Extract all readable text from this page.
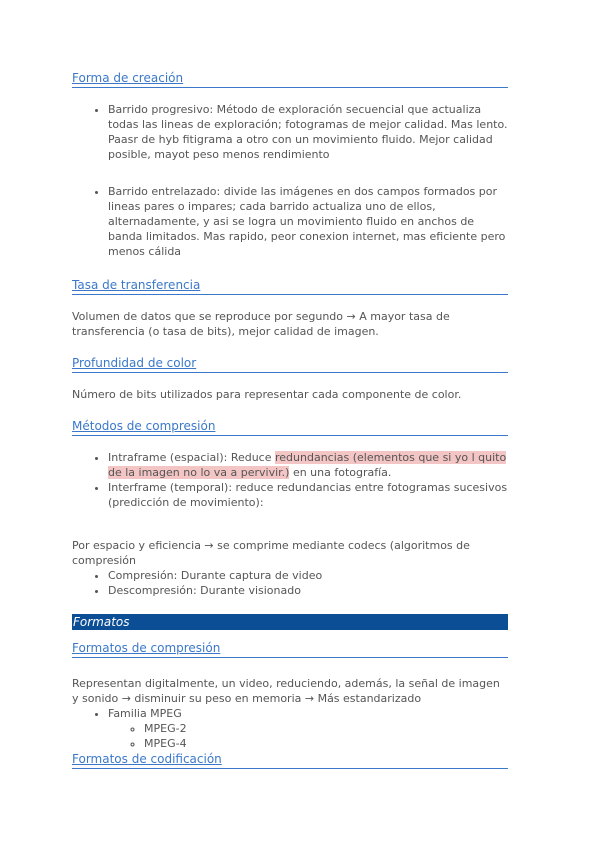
Forma de creación
• Barrido progresivo: Método de exploración secuencial que actualiza todas las lineas de exploración; fotogramas de mejor calidad. Mas lento. Paasr de hyb fitigrama a otro con un movimiento fluido. Mejor calidad posible, mayot peso menos rendimiento
• Barrido entrelazado: divide las imágenes en dos campos formados por lineas pares o impares; cada barrido actualiza uno de ellos, alternadamente, y asi se logra un movimiento fluido en anchos de banda limitados. Mas rapido, peor conexion internet, mas eficiente pero menos cálida
Tasa de transferencia

Volumen de datos que se reproduce por segundo → A mayor tasa de transferencia (o tasa de bits), mejor calidad de imagen.

Profundidad de color

Número de bits utilizados para representar cada componente de color.

Métodos de compresión
• Intraframe (espacial): Reduce redundancias (elementos que si yo l quito de la imagen no lo va a pervivir.) en una fotografía.
• Interframe (temporal): reduce redundancias entre fotogramas sucesivos (predicción de movimiento):

Por espacio y eficiencia → se comprime mediante codecs (algoritmos de compresión

• Compresión: Durante captura de video
• Descompresión: Durante visionado
Formatos
Formatos de compresión

Representan digitalmente, un video, reduciendo, además, la señal de imagen y sonido → disminuir su peso en memoria → Más estandarizado

• Familia MPEG
◦ MPEG-2
◦ MPEG-4
Formatos de codificación
